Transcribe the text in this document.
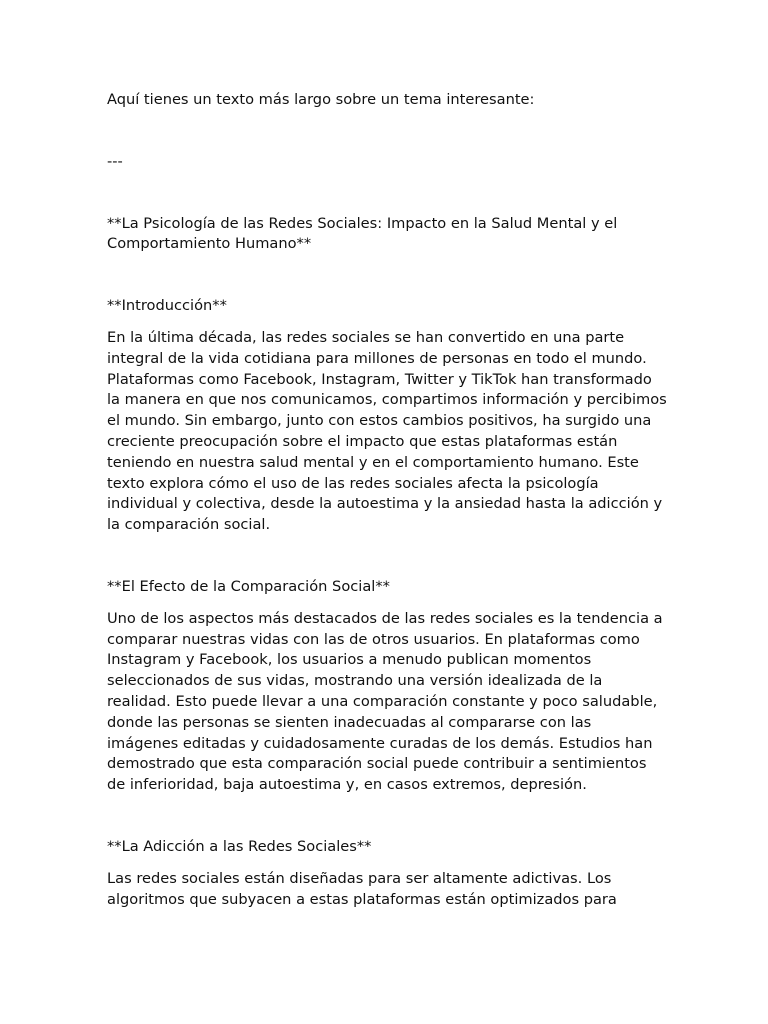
Aquí tienes un texto más largo sobre un tema interesante:

---

**La Psicología de las Redes Sociales: Impacto en la Salud Mental y el Comportamiento Humano**

**Introducción**

En la última década, las redes sociales se han convertido en una parte integral de la vida cotidiana para millones de personas en todo el mundo. Plataformas como Facebook, Instagram, Twitter y TikTok han transformado la manera en que nos comunicamos, compartimos información y percibimos el mundo. Sin embargo, junto con estos cambios positivos, ha surgido una creciente preocupación sobre el impacto que estas plataformas están teniendo en nuestra salud mental y en el comportamiento humano. Este texto explora cómo el uso de las redes sociales afecta la psicología individual y colectiva, desde la autoestima y la ansiedad hasta la adicción y la comparación social.

**El Efecto de la Comparación Social**

Uno de los aspectos más destacados de las redes sociales es la tendencia a comparar nuestras vidas con las de otros usuarios. En plataformas como Instagram y Facebook, los usuarios a menudo publican momentos seleccionados de sus vidas, mostrando una versión idealizada de la realidad. Esto puede llevar a una comparación constante y poco saludable, donde las personas se sienten inadecuadas al compararse con las imágenes editadas y cuidadosamente curadas de los demás. Estudios han demostrado que esta comparación social puede contribuir a sentimientos de inferioridad, baja autoestima y, en casos extremos, depresión.

**La Adicción a las Redes Sociales**

Las redes sociales están diseñadas para ser altamente adictivas. Los algoritmos que subyacen a estas plataformas están optimizados para
